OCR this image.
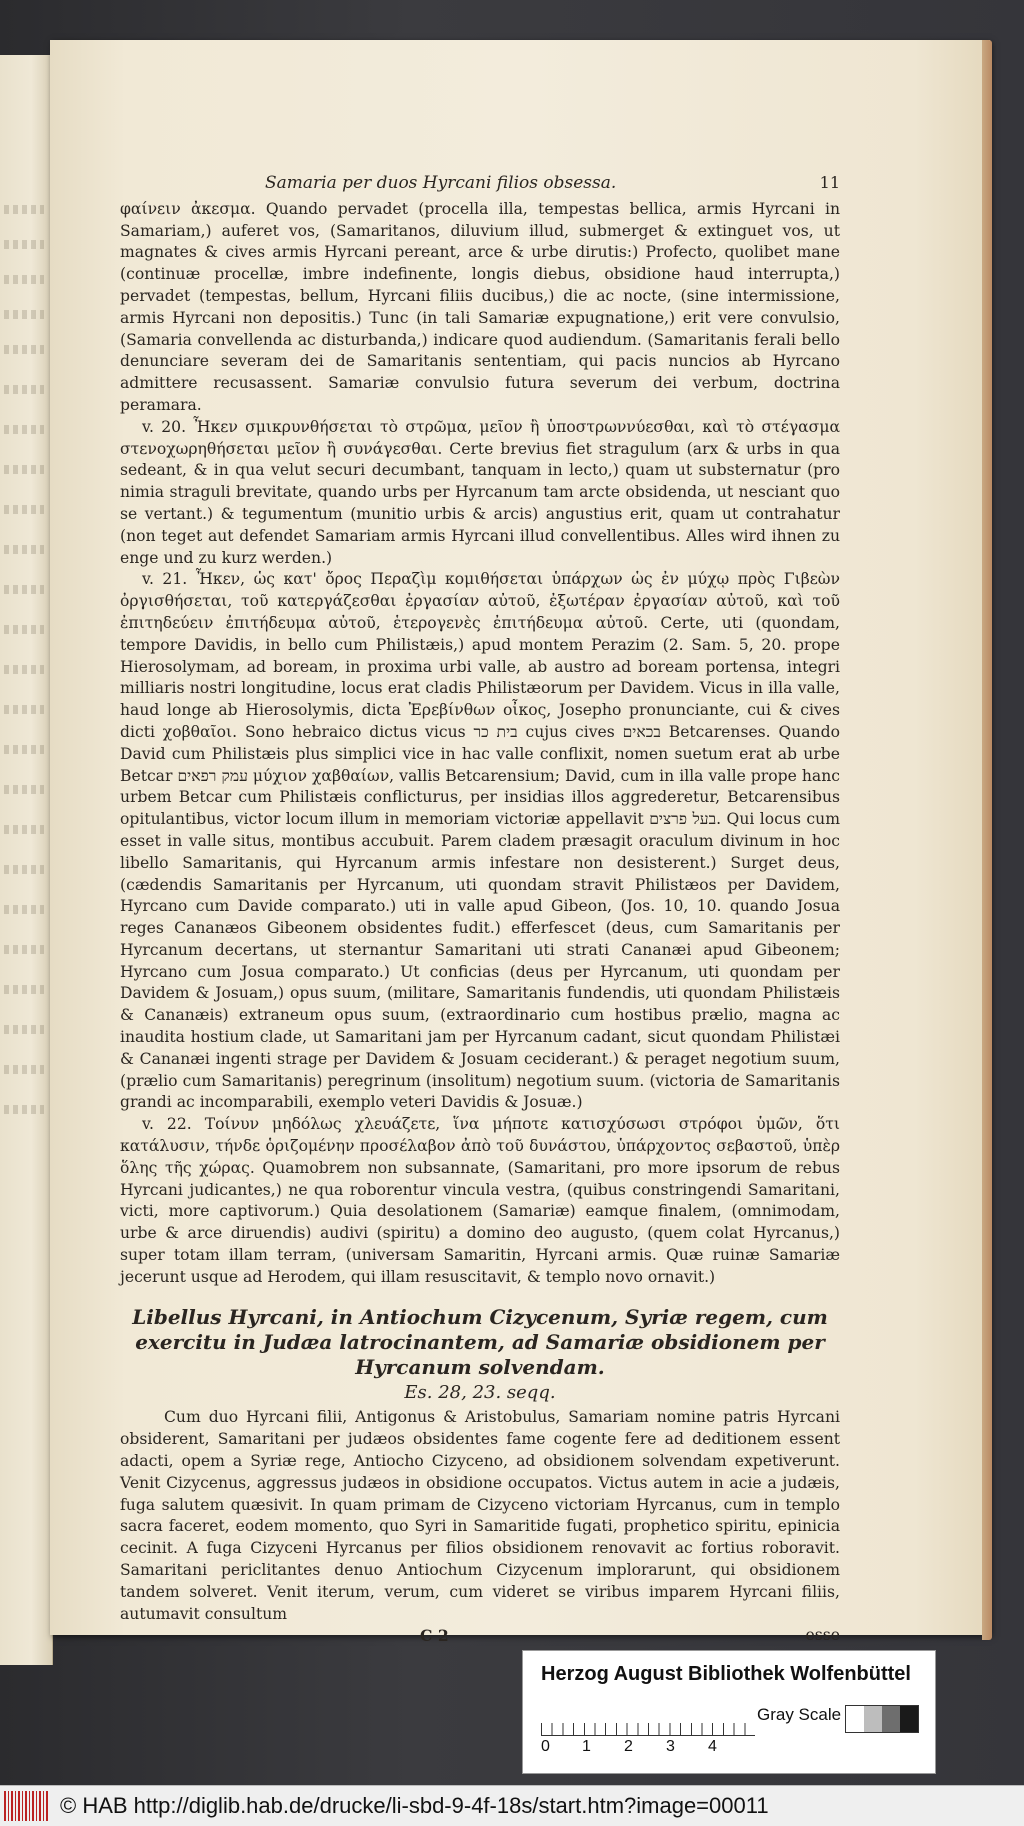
Samaria per duos Hyrcani filios obsessa.	11

φαίνειν ἀκεσμα. Quando pervadet (procella illa, tempestas bellica, armis Hyrcani in Samariam,) auferet vos, (Samaritanos, diluvium illud, submerget & extinguet vos, ut magnates & cives armis Hyrcani pereant, arce & urbe dirutis:) Profecto, quolibet mane (continuæ procellæ, imbre indefinente, longis diebus, obsidione haud interrupta,) pervadet (tempestas, bellum, Hyrcani filiis ducibus,) die ac nocte, (sine intermissione, armis Hyrcani non depositis.) Tunc (in tali Samariæ expugnatione,) erit vere convulsio, (Samaria convellenda ac disturbanda,) indicare quod audiendum. (Samaritanis ferali bello denunciare severam dei de Samaritanis sententiam, qui pacis nuncios ab Hyrcano admittere recusassent. Samariæ convulsio futura severum dei verbum, doctrina peramara.

v. 20. Ἦκεν σμικρυνθήσεται τὸ στρῶμα, μεῖον ἢ ὑποστρωννύεσθαι, καὶ τὸ στέγασμα στενοχωρηθήσεται μεῖον ἢ συνάγεσθαι. Certe brevius fiet stragulum (arx & urbs in qua sedeant, & in qua velut securi decumbant, tanquam in lecto,) quam ut substernatur (pro nimia straguli brevitate, quando urbs per Hyrcanum tam arcte obsidenda, ut nesciant quo se vertant.) & tegumentum (munitio urbis & arcis) angustius erit, quam ut contrahatur (non teget aut defendet Samariam armis Hyrcani illud convellentibus. Alles wird ihnen zu enge und zu kurz werden.)

v. 21. Ἦκεν, ὡς κατ' ὄρος Περαζὶμ κομιθήσεται ὑπάρχων ὡς ἐν μύχῳ πρὸς Γιβεὼν ὀργισθήσεται, τοῦ κατεργάζεσθαι ἐργασίαν αὐτοῦ, ἐξωτέραν ἐργασίαν αὐτοῦ, καὶ τοῦ ἐπιτηδεύειν ἐπιτήδευμα αὐτοῦ, ἑτερογενὲς ἐπιτήδευμα αὐτοῦ. Certe, uti (quondam, tempore Davidis, in bello cum Philistæis,) apud montem Perazim (2. Sam. 5, 20. prope Hierosolymam, ad boream, in proxima urbi valle, ab austro ad boream portensa, integri milliaris nostri longitudine, locus erat cladis Philistæorum per Davidem. Vicus in illa valle, haud longe ab Hierosolymis, dicta Ἐρεβίνθων οἶκος, Josepho pronunciante, cui & cives dicti χοβθαῖοι. Sono hebraico dictus vicus בית כר cujus cives בכאים Betcarenses. Quando David cum Philistæis plus simplici vice in hac valle conflixit, nomen suetum erat ab urbe Betcar עמק רפאים μύχιον χαβθαίων, vallis Betcarensium; David, cum in illa valle prope hanc urbem Betcar cum Philistæis conflicturus, per insidias illos aggrederetur, Betcarensibus opitulantibus, victor locum illum in memoriam victoriæ appellavit בעל פרצים. Qui locus cum esset in valle situs, montibus accubuit. Parem cladem præsagit oraculum divinum in hoc libello Samaritanis, qui Hyrcanum armis infestare non desisterent.) Surget deus, (cædendis Samaritanis per Hyrcanum, uti quondam stravit Philistæos per Davidem, Hyrcano cum Davide comparato.) uti in valle apud Gibeon, (Jos. 10, 10. quando Josua reges Cananæos Gibeonem obsidentes fudit.) efferfescet (deus, cum Samaritanis per Hyrcanum decertans, ut sternantur Samaritani uti strati Cananæi apud Gibeonem; Hyrcano cum Josua comparato.) Ut conficias (deus per Hyrcanum, uti quondam per Davidem & Josuam,) opus suum, (militare, Samaritanis fundendis, uti quondam Philistæis & Cananæis) extraneum opus suum, (extraordinario cum hostibus prælio, magna ac inaudita hostium clade, ut Samaritani jam per Hyrcanum cadant, sicut quondam Philistæi & Cananæi ingenti strage per Davidem & Josuam ceciderant.) & peraget negotium suum, (prælio cum Samaritanis) peregrinum (insolitum) negotium suum. (victoria de Samaritanis grandi ac incomparabili, exemplo veteri Davidis & Josuæ.)

v. 22. Τοίνυν μηδόλως χλευάζετε, ἵνα μήποτε κατισχύσωσι στρόφοι ὑμῶν, ὅτι κατάλυσιν, τήνδε ὁριζομένην προσέλαβον ἀπὸ τοῦ δυνάστου, ὑπάρχοντος σεβαστοῦ, ὑπὲρ ὅλης τῆς χώρας. Quamobrem non subsannate, (Samaritani, pro more ipsorum de rebus Hyrcani judicantes,) ne qua roborentur vincula vestra, (quibus constringendi Samaritani, victi, more captivorum.) Quia desolationem (Samariæ) eamque finalem, (omnimodam, urbe & arce diruendis) audivi (spiritu) a domino deo augusto, (quem colat Hyrcanus,) super totam illam terram, (universam Samaritin, Hyrcani armis. Quæ ruinæ Samariæ jecerunt usque ad Herodem, qui illam resuscitavit, & templo novo ornavit.)

Libellus Hyrcani, in Antiochum Cizycenum, Syriæ regem, cum exercitu in Judæa latrocinantem, ad Samariæ obsidionem per Hyrcanum solvendam.
Es. 28, 23. seqq.

Cum duo Hyrcani filii, Antigonus & Aristobulus, Samariam nomine patris Hyrcani obsiderent, Samaritani per judæos obsidentes fame cogente fere ad deditionem essent adacti, opem a Syriæ rege, Antiocho Cizyceno, ad obsidionem solvendam expetiverunt. Venit Cizycenus, aggressus judæos in obsidione occupatos. Victus autem in acie a judæis, fuga salutem quæsivit. In quam primam de Cizyceno victoriam Hyrcanus, cum in templo sacra faceret, eodem momento, quo Syri in Samaritide fugati, prophetico spiritu, epinicia cecinit. A fuga Cizyceni Hyrcanus per filios obsidionem renovavit ac fortius roboravit. Samaritani periclitantes denuo Antiochum Cizycenum implorarunt, qui obsidionem tandem solveret. Venit iterum, verum, cum videret se viribus imparem Hyrcani filiis, autumavit consultum

C 2	esse
Herzog August Bibliothek Wolfenbüttel
0 1 2 3 4
Gray Scale
© HAB http://diglib.hab.de/drucke/li-sbd-9-4f-18s/start.htm?image=00011
